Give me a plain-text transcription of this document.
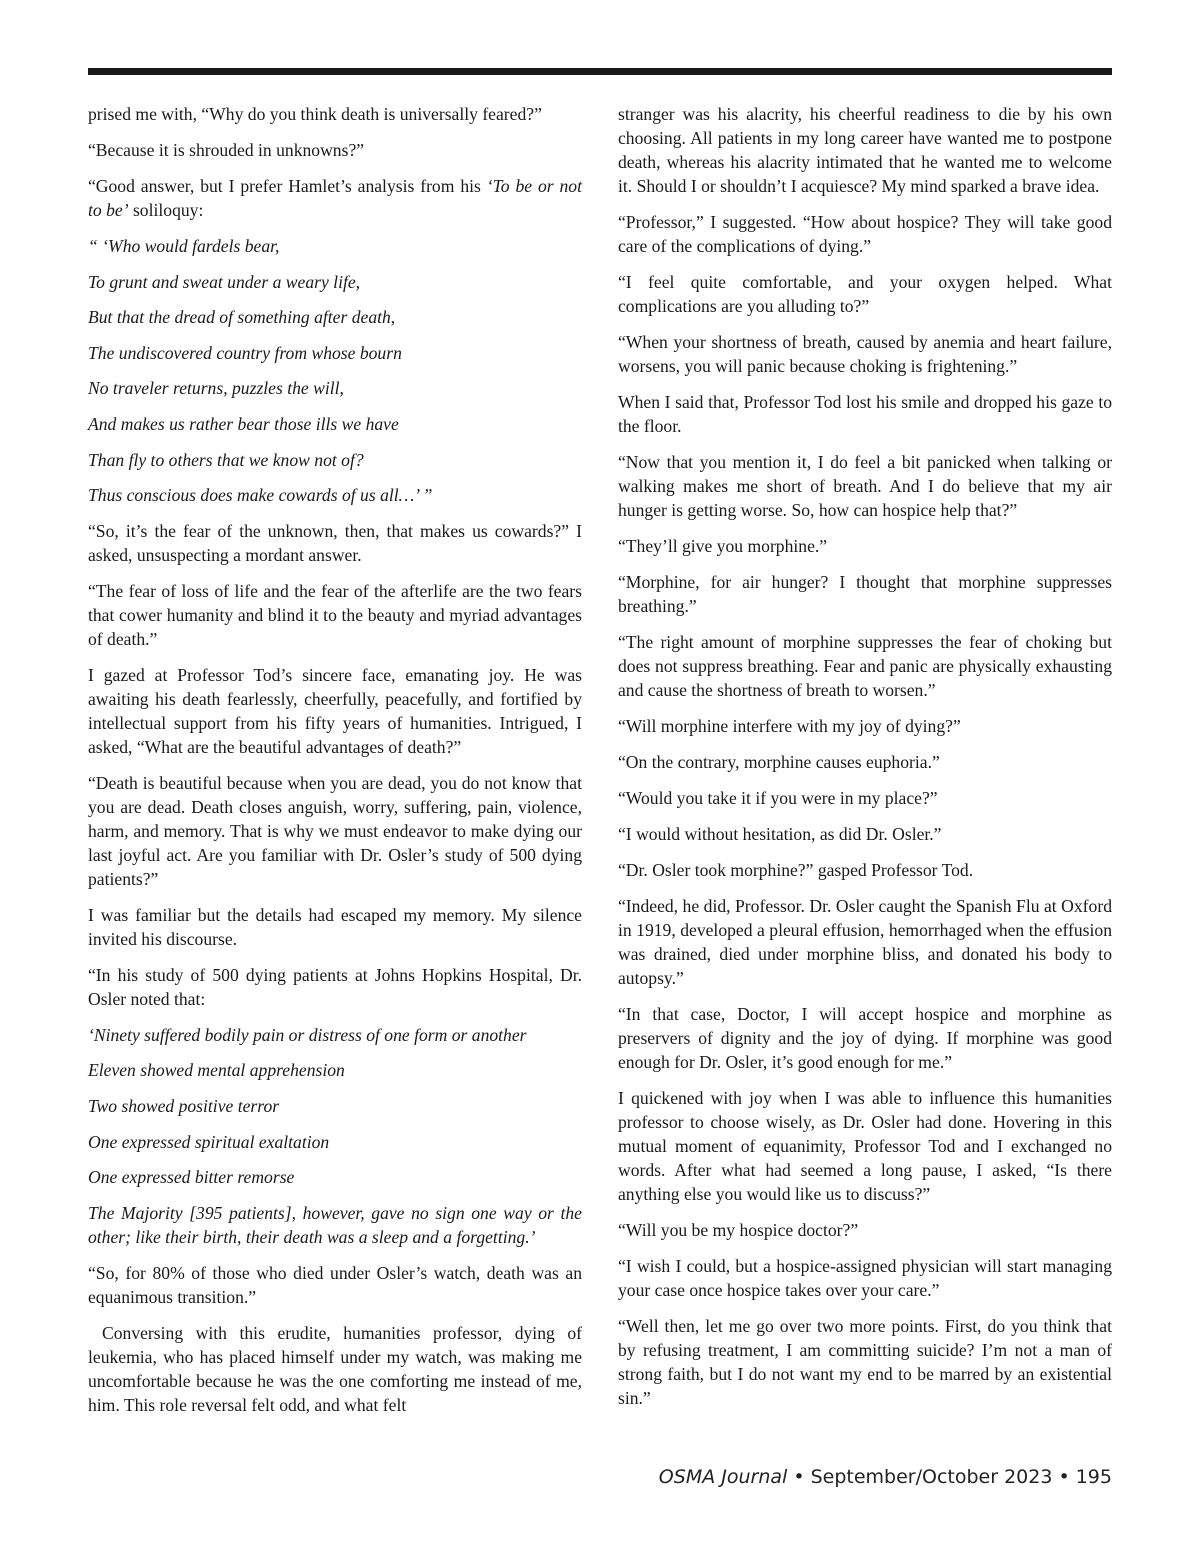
prised me with, “Why do you think death is universally feared?”

“Because it is shrouded in unknowns?”

“Good answer, but I prefer Hamlet’s analysis from his ‘To be or not to be’ soliloquy:

“ ‘Who would fardels bear,

To grunt and sweat under a weary life,

But that the dread of something after death,

The undiscovered country from whose bourn

No traveler returns, puzzles the will,

And makes us rather bear those ills we have

Than fly to others that we know not of?

Thus conscious does make cowards of us all…’ ”

“So, it’s the fear of the unknown, then, that makes us cowards?” I asked, unsuspecting a mordant answer.

“The fear of loss of life and the fear of the afterlife are the two fears that cower humanity and blind it to the beauty and myriad advantages of death.”

I gazed at Professor Tod’s sincere face, emanating joy. He was awaiting his death fearlessly, cheerfully, peacefully, and fortified by intellectual support from his fifty years of humanities. Intrigued, I asked, “What are the beautiful advantages of death?”

“Death is beautiful because when you are dead, you do not know that you are dead. Death closes anguish, worry, suffering, pain, violence, harm, and memory. That is why we must endeavor to make dying our last joyful act. Are you familiar with Dr. Osler’s study of 500 dying patients?”

I was familiar but the details had escaped my memory. My silence invited his discourse.

“In his study of 500 dying patients at Johns Hopkins Hospital, Dr. Osler noted that:

‘Ninety suffered bodily pain or distress of one form or another

Eleven showed mental apprehension

Two showed positive terror

One expressed spiritual exaltation

One expressed bitter remorse

The Majority [395 patients], however, gave no sign one way or the other; like their birth, their death was a sleep and a forgetting.’

“So, for 80% of those who died under Osler’s watch, death was an equanimous transition.”

Conversing with this erudite, humanities professor, dying of leukemia, who has placed himself under my watch, was making me uncomfortable because he was the one comforting me instead of me, him. This role reversal felt odd, and what felt

stranger was his alacrity, his cheerful readiness to die by his own choosing. All patients in my long career have wanted me to postpone death, whereas his alacrity intimated that he wanted me to welcome it. Should I or shouldn’t I acquiesce? My mind sparked a brave idea.

“Professor,” I suggested. “How about hospice? They will take good care of the complications of dying.”

“I feel quite comfortable, and your oxygen helped. What complications are you alluding to?”

“When your shortness of breath, caused by anemia and heart failure, worsens, you will panic because choking is frightening.”

When I said that, Professor Tod lost his smile and dropped his gaze to the floor.

“Now that you mention it, I do feel a bit panicked when talking or walking makes me short of breath. And I do believe that my air hunger is getting worse. So, how can hospice help that?”

“They’ll give you morphine.”

“Morphine, for air hunger? I thought that morphine suppresses breathing.”

“The right amount of morphine suppresses the fear of choking but does not suppress breathing. Fear and panic are physically exhausting and cause the shortness of breath to worsen.”

“Will morphine interfere with my joy of dying?”

“On the contrary, morphine causes euphoria.”

“Would you take it if you were in my place?”

“I would without hesitation, as did Dr. Osler.”

“Dr. Osler took morphine?” gasped Professor Tod.

“Indeed, he did, Professor. Dr. Osler caught the Spanish Flu at Oxford in 1919, developed a pleural effusion, hemorrhaged when the effusion was drained, died under morphine bliss, and donated his body to autopsy.”

“In that case, Doctor, I will accept hospice and morphine as preservers of dignity and the joy of dying. If morphine was good enough for Dr. Osler, it’s good enough for me.”

I quickened with joy when I was able to influence this humanities professor to choose wisely, as Dr. Osler had done. Hovering in this mutual moment of equanimity, Professor Tod and I exchanged no words. After what had seemed a long pause, I asked, “Is there anything else you would like us to discuss?”

“Will you be my hospice doctor?”

“I wish I could, but a hospice-assigned physician will start managing your case once hospice takes over your care.”

“Well then, let me go over two more points. First, do you think that by refusing treatment, I am committing suicide? I’m not a man of strong faith, but I do not want my end to be marred by an existential sin.”

OSMA Journal • September/October 2023 • 195
